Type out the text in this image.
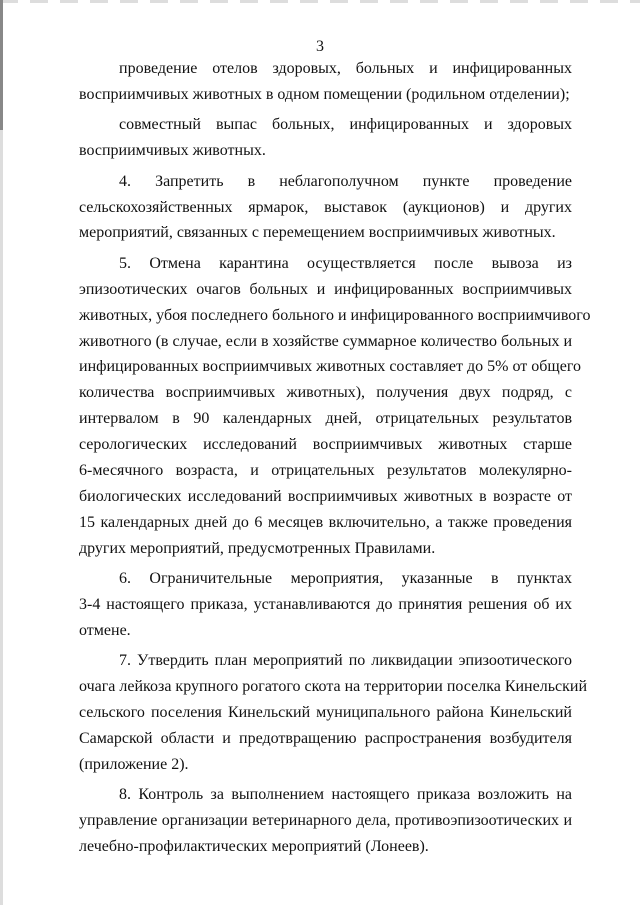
3
проведение отелов здоровых, больных и инфицированных
восприимчивых животных в одном помещении (родильном отделении);
совместный выпас больных, инфицированных и здоровых
восприимчивых животных.
4. Запретить в неблагополучном пункте проведение
сельскохозяйственных ярмарок, выставок (аукционов) и других
мероприятий, связанных с перемещением восприимчивых животных.
5. Отмена карантина осуществляется после вывоза из
эпизоотических очагов больных и инфицированных восприимчивых
животных, убоя последнего больного и инфицированного восприимчивого
животного (в случае, если в хозяйстве суммарное количество больных и
инфицированных восприимчивых животных составляет до 5% от общего
количества восприимчивых животных), получения двух подряд, с
интервалом в 90 календарных дней, отрицательных результатов
серологических исследований восприимчивых животных старше
6-месячного возраста, и отрицательных результатов молекулярно-
биологических исследований восприимчивых животных в возрасте от
15 календарных дней до 6 месяцев включительно, а также проведения
других мероприятий, предусмотренных Правилами.
6. Ограничительные мероприятия, указанные в пунктах
3-4 настоящего приказа, устанавливаются до принятия решения об их
отмене.
7. Утвердить план мероприятий по ликвидации эпизоотического
очага лейкоза крупного рогатого скота на территории поселка Кинельский
сельского поселения Кинельский муниципального района Кинельский
Самарской области и предотвращению распространения возбудителя
(приложение 2).
8. Контроль за выполнением настоящего приказа возложить на
управление организации ветеринарного дела, противоэпизоотических и
лечебно-профилактических мероприятий (Лонеев).
